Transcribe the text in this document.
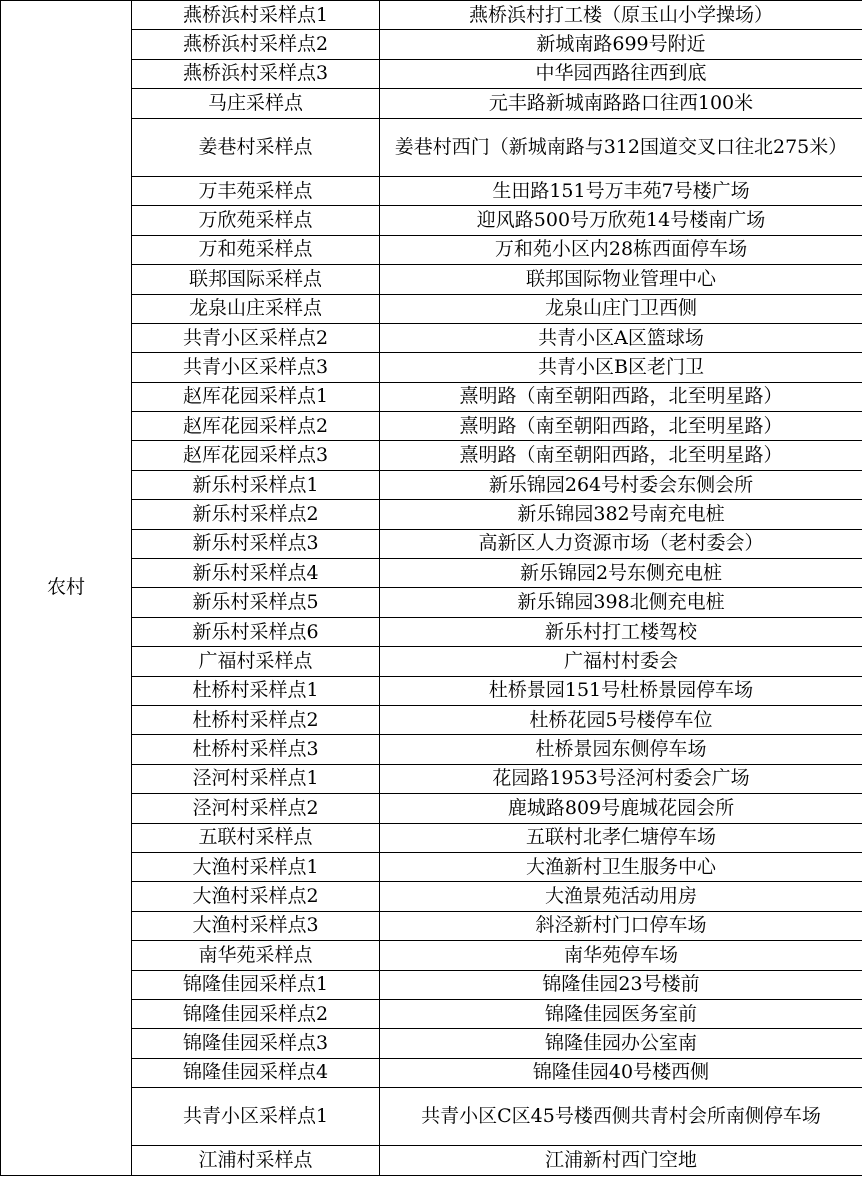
农村	燕桥浜村采样点1	燕桥浜村打工楼（原玉山小学操场）
	燕桥浜村采样点2	新城南路699号附近
	燕桥浜村采样点3	中华园西路往西到底
	马庄采样点	元丰路新城南路路口往西100米
	姜巷村采样点	姜巷村西门（新城南路与312国道交叉口往北275米）
	万丰苑采样点	生田路151号万丰苑7号楼广场
	万欣苑采样点	迎风路500号万欣苑14号楼南广场
	万和苑采样点	万和苑小区内28栋西面停车场
	联邦国际采样点	联邦国际物业管理中心
	龙泉山庄采样点	龙泉山庄门卫西侧
	共青小区采样点2	共青小区A区篮球场
	共青小区采样点3	共青小区B区老门卫
	赵厍花园采样点1	熹明路（南至朝阳西路，北至明星路）
	赵厍花园采样点2	熹明路（南至朝阳西路，北至明星路）
	赵厍花园采样点3	熹明路（南至朝阳西路，北至明星路）
	新乐村采样点1	新乐锦园264号村委会东侧会所
	新乐村采样点2	新乐锦园382号南充电桩
	新乐村采样点3	高新区人力资源市场（老村委会）
	新乐村采样点4	新乐锦园2号东侧充电桩
	新乐村采样点5	新乐锦园398北侧充电桩
	新乐村采样点6	新乐村打工楼驾校
	广福村采样点	广福村村委会
	杜桥村采样点1	杜桥景园151号杜桥景园停车场
	杜桥村采样点2	杜桥花园5号楼停车位
	杜桥村采样点3	杜桥景园东侧停车场
	泾河村采样点1	花园路1953号泾河村委会广场
	泾河村采样点2	鹿城路809号鹿城花园会所
	五联村采样点	五联村北孝仁塘停车场
	大渔村采样点1	大渔新村卫生服务中心
	大渔村采样点2	大渔景苑活动用房
	大渔村采样点3	斜泾新村门口停车场
	南华苑采样点	南华苑停车场
	锦隆佳园采样点1	锦隆佳园23号楼前
	锦隆佳园采样点2	锦隆佳园医务室前
	锦隆佳园采样点3	锦隆佳园办公室南
	锦隆佳园采样点4	锦隆佳园40号楼西侧
	共青小区采样点1	共青小区C区45号楼西侧共青村会所南侧停车场
	江浦村采样点	江浦新村西门空地
